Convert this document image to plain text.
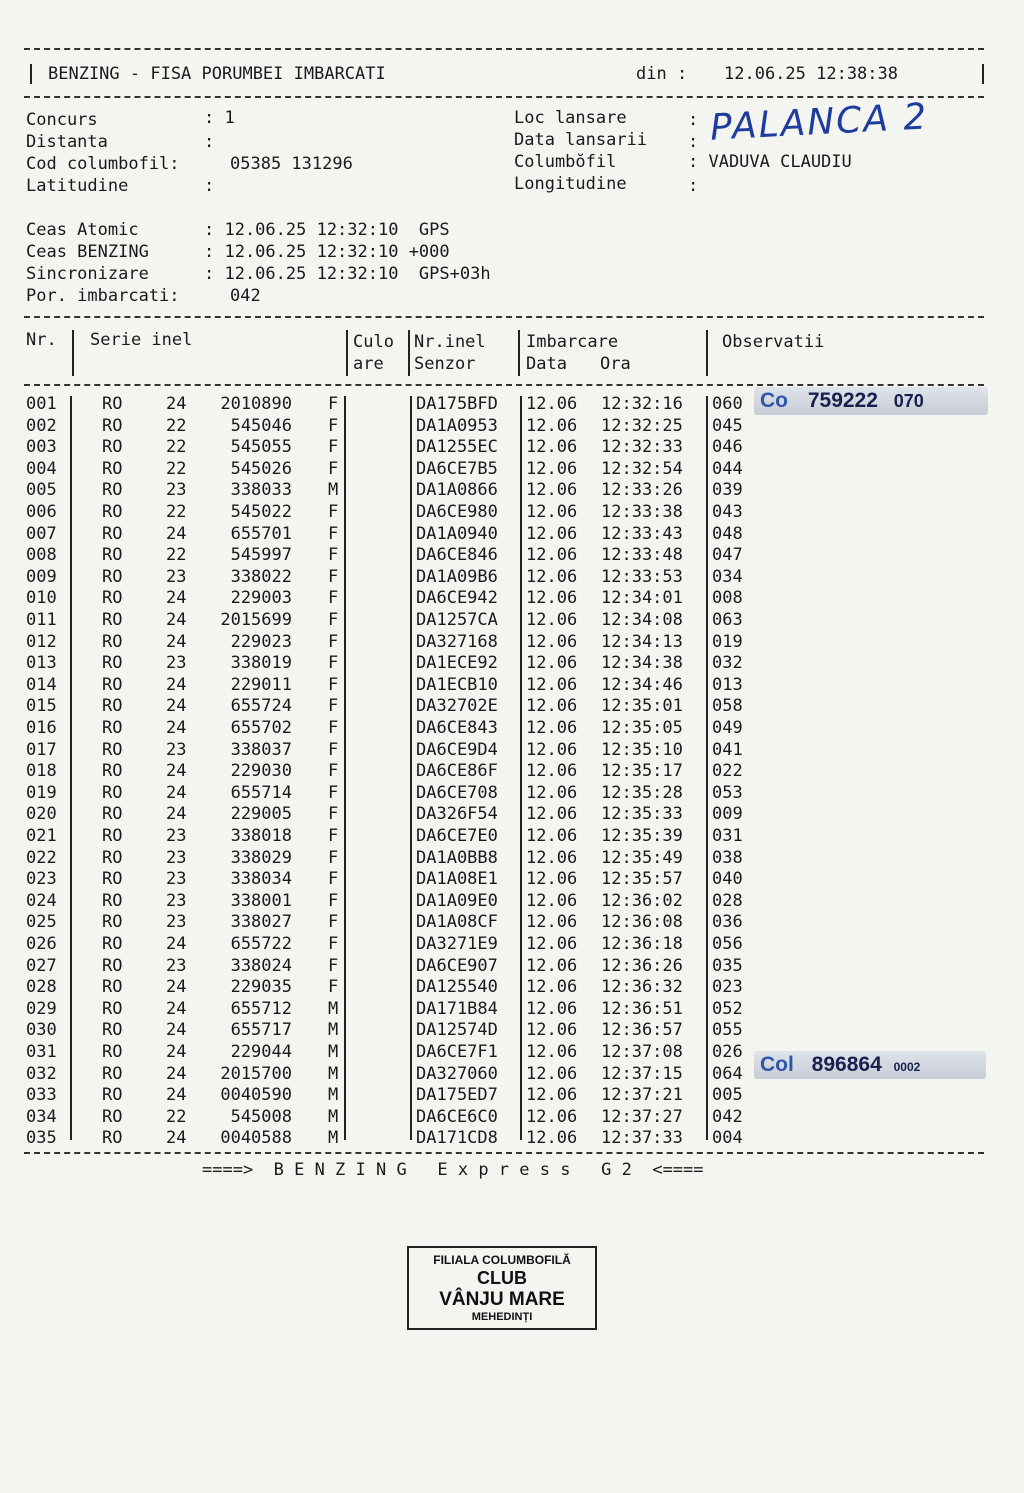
BENZING - FISA PORUMBEI IMBARCATI	din : 12.06.25 12:38:38
Concurs	: 1
Distanta	:
Cod columbofil:	05385 131296
Latitudine	:
Loc lansare	: PALANCA 2
Data lansarii :
Columbŏfil	: VADUVA CLAUDIU
Longitudine	:
Ceas Atomic	: 12.06.25 12:32:10  GPS
Ceas BENZING	: 12.06.25 12:32:10 +000
Sincronizare	: 12.06.25 12:32:10  GPS+03h
Por. imbarcati:	042
Nr. Serie inel	Culo
are
Nr.inel
Senzor
Imbarcare
Data Ora
Observatii
001	RO	24	2010890 F	DA175BFD 12.06 12:32:16 060
002	RO	22	545046 F	DA1A0953 12.06 12:32:25 045
003	RO	22	545055 F	DA1255EC 12.06 12:32:33 046
004	RO	22	545026 F	DA6CE7B5 12.06 12:32:54 044
005	RO	23	338033 M	DA1A0866 12.06 12:33:26 039
006	RO	22	545022 F	DA6CE980 12.06 12:33:38 043
007	RO	24	655701 F	DA1A0940 12.06 12:33:43 048
008	RO	22	545997 F	DA6CE846 12.06 12:33:48 047
009	RO	23	338022 F	DA1A09B6 12.06 12:33:53 034
010	RO	24	229003 F	DA6CE942 12.06 12:34:01 008
011	RO	24	2015699 F	DA1257CA 12.06 12:34:08 063
012	RO	24	229023 F	DA327168 12.06 12:34:13 019
013	RO	23	338019 F	DA1ECE92 12.06 12:34:38 032
014	RO	24	229011 F	DA1ECB10 12.06 12:34:46 013
015	RO	24	655724 F	DA32702E 12.06 12:35:01 058
016	RO	24	655702 F	DA6CE843 12.06 12:35:05 049
017	RO	23	338037 F	DA6CE9D4 12.06 12:35:10 041
018	RO	24	229030 F	DA6CE86F 12.06 12:35:17 022
019	RO	24	655714 F	DA6CE708 12.06 12:35:28 053
020	RO	24	229005 F	DA326F54 12.06 12:35:33 009
021	RO	23	338018 F	DA6CE7E0 12.06 12:35:39 031
022	RO	23	338029 F	DA1A0BB8 12.06 12:35:49 038
023	RO	23	338034 F	DA1A08E1 12.06 12:35:57 040
024	RO	23	338001 F	DA1A09E0 12.06 12:36:02 028
025	RO	23	338027 F	DA1A08CF 12.06 12:36:08 036
026	RO	24	655722 F	DA3271E9 12.06 12:36:18 056
027	RO	23	338024 F	DA6CE907 12.06 12:36:26 035
028	RO	24	229035 F	DA125540 12.06 12:36:32 023
029	RO	24	655712 M	DA171B84 12.06 12:36:51 052
030	RO	24	655717 M	DA12574D 12.06 12:36:57 055
031	RO	24	229044 M	DA6CE7F1 12.06 12:37:08 026
032	RO	24	2015700 M	DA327060 12.06 12:37:15 064
033	RO	24	0040590 M	DA175ED7 12.06 12:37:21 005
034	RO	22	545008 M	DA6CE6C0 12.06 12:37:27 042
035	RO	24	0040588 M	DA171CD8 12.06 12:37:33 004
Co 759222 070
Col 896864 0002
====>  B E N Z I N G   E x p r e s s   G 2  <====
FILIALA COLUMBOFILĂ
CLUB
VÂNJU MARE
MEHEDINȚI
